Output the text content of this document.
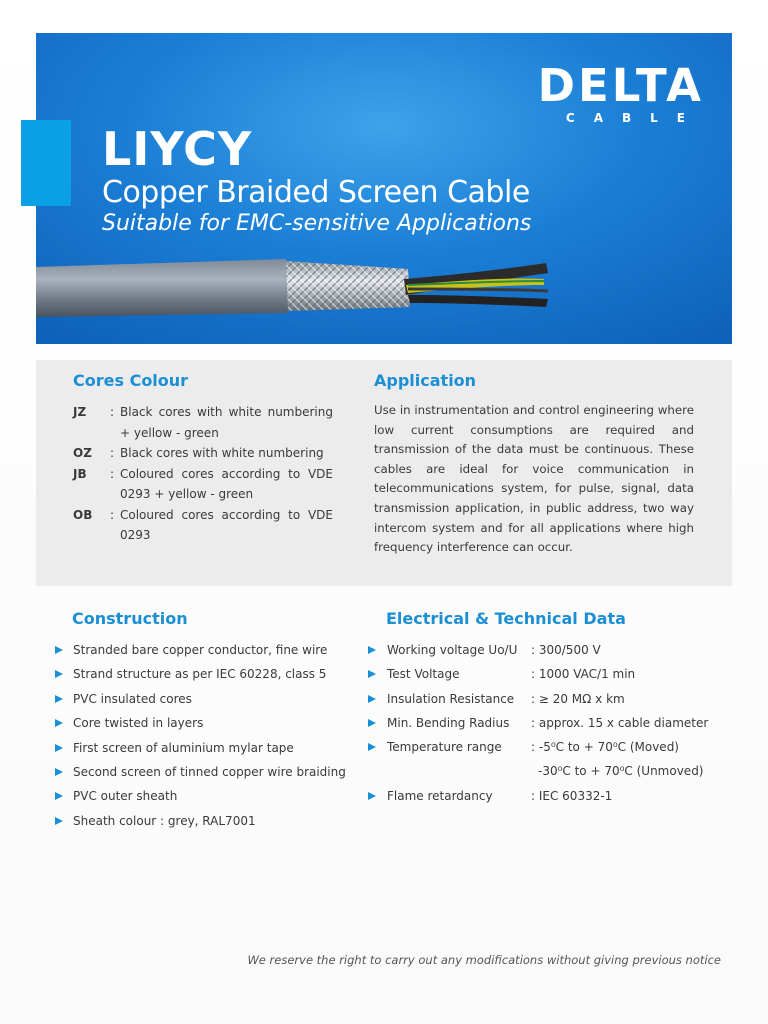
DELTA
CABLE
LIYCY
Copper Braided Screen Cable
Suitable for EMC-sensitive Applications
Cores Colour
JZ	: Black cores with white numbering + yellow - green
OZ	: Black cores with white numbering
JB	: Coloured cores according to VDE 0293 + yellow - green
OB	: Coloured cores according to VDE 0293
Application
Use in instrumentation and control engineering where low current consumptions are required and transmission of the data must be continuous. These cables are ideal for voice communication in telecommunications system, for pulse, signal, data transmission application, in public address, two way intercom system and for all applications where high frequency interference can occur.
Construction
Stranded bare copper conductor, fine wire
Strand structure as per IEC 60228, class 5
PVC insulated cores
Core twisted in layers
First screen of aluminium mylar tape
Second screen of tinned copper wire braiding
PVC outer sheath
Sheath colour : grey, RAL7001
Electrical & Technical Data
Working voltage Uo/U : 300/500 V
Test Voltage	: 1000 VAC/1 min
Insulation Resistance : ≥ 20 MΩ x km
Min. Bending Radius : approx. 15 x cable diameter
Temperature range : -5⁰C to + 70⁰C (Moved)
-30⁰C to + 70⁰C (Unmoved)
Flame retardancy	: IEC 60332-1
We reserve the right to carry out any modifications without giving previous notice
